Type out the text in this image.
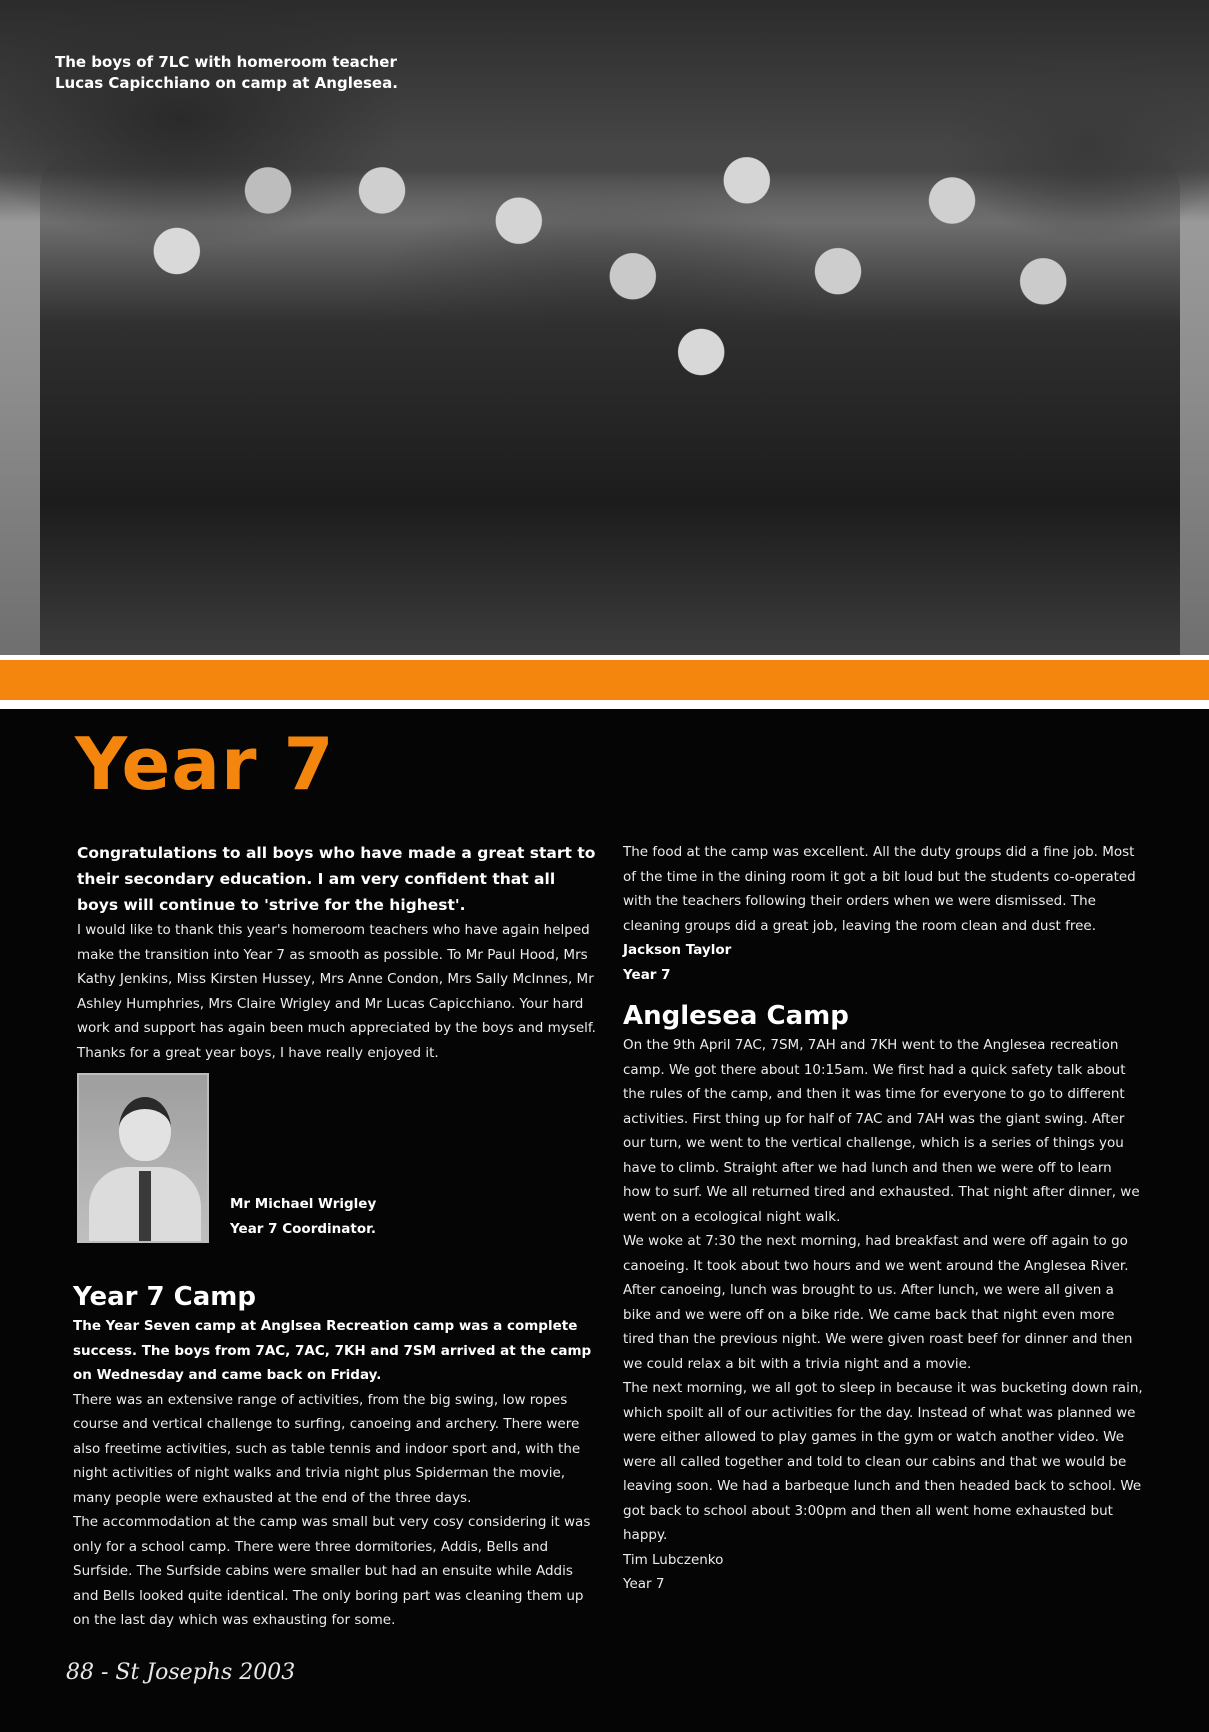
The boys of 7LC with homeroom teacher
Lucas Capicchiano on camp at Anglesea.
Year 7

Congratulations to all boys who have made a great start to their secondary education. I am very confident that all boys will continue to 'strive for the highest'.

I would like to thank this year's homeroom teachers who have again helped make the transition into Year 7 as smooth as possible. To Mr Paul Hood, Mrs Kathy Jenkins, Miss Kirsten Hussey, Mrs Anne Condon, Mrs Sally McInnes, Mr Ashley Humphries, Mrs Claire Wrigley and Mr Lucas Capicchiano. Your hard work and support has again been much appreciated by the boys and myself. Thanks for a great year boys, I have really enjoyed it.

Mr Michael Wrigley
Year 7 Coordinator.
Year 7 Camp

The Year Seven camp at Anglsea Recreation camp was a complete success. The boys from 7AC, 7AC, 7KH and 7SM arrived at the camp on Wednesday and came back on Friday.

There was an extensive range of activities, from the big swing, low ropes course and vertical challenge to surfing, canoeing and archery. There were also freetime activities, such as table tennis and indoor sport and, with the night activities of night walks and trivia night plus Spiderman the movie, many people were exhausted at the end of the three days.

The accommodation at the camp was small but very cosy considering it was only for a school camp. There were three dormitories, Addis, Bells and Surfside. The Surfside cabins were smaller but had an ensuite while Addis and Bells looked quite identical. The only boring part was cleaning them up on the last day which was exhausting for some.

The food at the camp was excellent. All the duty groups did a fine job. Most of the time in the dining room it got a bit loud but the students co-operated with the teachers following their orders when we were dismissed. The cleaning groups did a great job, leaving the room clean and dust free.

Jackson Taylor

Year 7

Anglesea Camp

On the 9th April 7AC, 7SM, 7AH and 7KH went to the Anglesea recreation camp. We got there about 10:15am. We first had a quick safety talk about the rules of the camp, and then it was time for everyone to go to different activities. First thing up for half of 7AC and 7AH was the giant swing. After our turn, we went to the vertical challenge, which is a series of things you have to climb. Straight after we had lunch and then we were off to learn how to surf. We all returned tired and exhausted. That night after dinner, we went on a ecological night walk.

We woke at 7:30 the next morning, had breakfast and were off again to go canoeing. It took about two hours and we went around the Anglesea River. After canoeing, lunch was brought to us. After lunch, we were all given a bike and we were off on a bike ride. We came back that night even more tired than the previous night. We were given roast beef for dinner and then we could relax a bit with a trivia night and a movie.

The next morning, we all got to sleep in because it was bucketing down rain, which spoilt all of our activities for the day. Instead of what was planned we were either allowed to play games in the gym or watch another video. We were all called together and told to clean our cabins and that we would be leaving soon. We had a barbeque lunch and then headed back to school. We got back to school about 3:00pm and then all went home exhausted but happy.

Tim Lubczenko

Year 7

88 - St Josephs 2003
